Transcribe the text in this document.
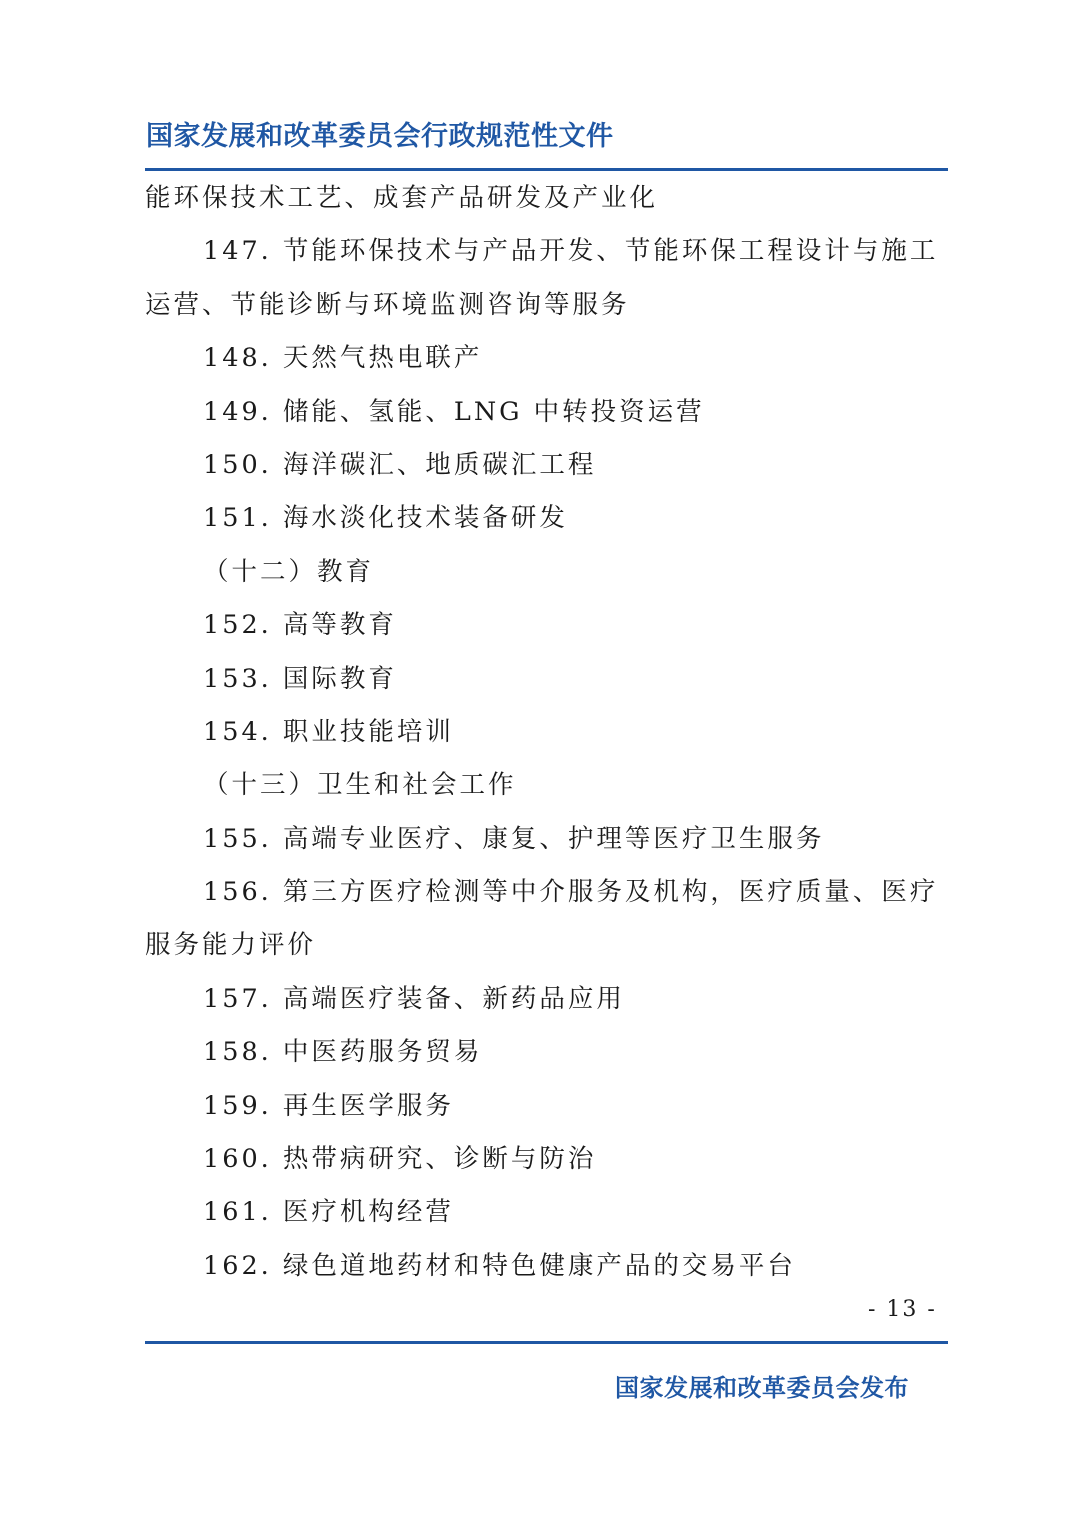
国家发展和改革委员会行政规范性文件
能环保技术工艺、成套产品研发及产业化
147. 节能环保技术与产品开发、节能环保工程设计与施工
运营、节能诊断与环境监测咨询等服务
148. 天然气热电联产
149. 储能、氢能、LNG 中转投资运营
150. 海洋碳汇、地质碳汇工程
151. 海水淡化技术装备研发
（十二）教育
152. 高等教育
153. 国际教育
154. 职业技能培训
（十三）卫生和社会工作
155. 高端专业医疗、康复、护理等医疗卫生服务
156. 第三方医疗检测等中介服务及机构，医疗质量、医疗
服务能力评价
157. 高端医疗装备、新药品应用
158. 中医药服务贸易
159. 再生医学服务
160. 热带病研究、诊断与防治
161. 医疗机构经营
162. 绿色道地药材和特色健康产品的交易平台
- 13 -
国家发展和改革委员会发布
